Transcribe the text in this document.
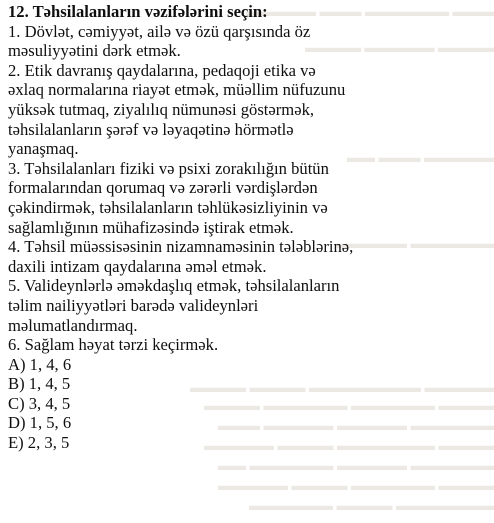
▬▬▬ ▬▬▬▬▬▬ ▬▬▬ ▬▬▬▬▬
▬▬▬▬ ▬▬▬▬▬ ▬▬▬▬
▬▬▬▬▬ ▬▬▬ ▬▬
▬▬▬▬▬▬ ▬▬▬▬▬
▬▬▬▬▬ ▬▬▬▬▬▬▬▬ ▬▬▬▬ ▬▬▬▬
▬▬▬▬ ▬▬▬▬▬▬ ▬▬▬▬▬▬ ▬▬▬▬
▬▬▬▬▬▬ ▬▬▬▬▬ ▬▬▬▬▬ ▬▬▬
▬▬▬▬ ▬▬▬▬▬▬▬ ▬▬▬▬ ▬▬▬▬▬
▬▬▬▬▬▬ ▬▬▬▬▬ ▬▬▬▬▬▬ ▬▬
▬▬▬▬ ▬▬▬▬▬▬ ▬▬▬▬ ▬▬▬▬▬
▬▬▬▬▬▬▬ ▬▬▬▬ ▬▬▬▬▬▬
12. Təhsilalanların vəzifələrini seçin:
1. Dövlət, cəmiyyət, ailə və özü qarşısında öz
məsuliyyətini dərk etmək.
2. Etik davranış qaydalarına, pedaqoji etika və
əxlaq normalarına riayət etmək, müəllim nüfuzunu
yüksək tutmaq, ziyalılıq nümunəsi göstərmək,
təhsilalanların şərəf və ləyaqətinə hörmətlə
yanaşmaq.
3. Təhsilalanları fiziki və psixi zorakılığın bütün
formalarından qorumaq və zərərli vərdişlərdən
çəkindirmək, təhsilalanların təhlükəsizliyinin və
sağlamlığının mühafizəsində iştirak etmək.
4. Təhsil müəssisəsinin nizamnaməsinin tələblərinə,
daxili intizam qaydalarına əməl etmək.
5. Valideynlərlə əməkdaşlıq etmək, təhsilalanların
təlim nailiyyətləri barədə valideynləri
məlumatlandırmaq.
6. Sağlam həyat tərzi keçirmək.
A) 1, 4, 6
B) 1, 4, 5
C) 3, 4, 5
D) 1, 5, 6
E) 2, 3, 5
